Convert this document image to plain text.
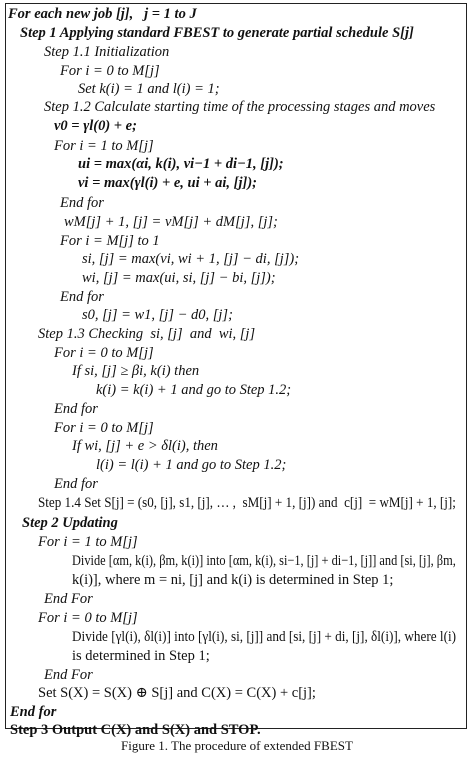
For each new job [j],   j = 1 to J
Step 1 Applying standard FBEST to generate partial schedule S[j]
Step 1.1 Initialization
For i = 0 to M[j]
Set k(i) = 1 and l(i) = 1;
Step 1.2 Calculate starting time of the processing stages and moves
v0 = γl(0) + e;
For i = 1 to M[j]
ui = max(αi, k(i), vi−1 + di−1, [j]);
vi = max(γl(i) + e, ui + ai, [j]);
End for
wM[j] + 1, [j] = vM[j] + dM[j], [j];
For i = M[j] to 1
si, [j] = max(vi, wi + 1, [j] − di, [j]);
wi, [j] = max(ui, si, [j] − bi, [j]);
End for
s0, [j] = w1, [j] − d0, [j];
Step 1.3 Checking  si, [j]  and  wi, [j]
For i = 0 to M[j]
If si, [j] ≥ βi, k(i) then
k(i) = k(i) + 1 and go to Step 1.2;
End for
For i = 0 to M[j]
If wi, [j] + e > δl(i), then
l(i) = l(i) + 1 and go to Step 1.2;
End for
Step 1.4 Set S[j] = (s0, [j], s1, [j], … ,  sM[j] + 1, [j]) and  c[j]  = wM[j] + 1, [j];
Step 2 Updating
For i = 1 to M[j]
Divide [αm, k(i), βm, k(i)] into [αm, k(i), si−1, [j] + di−1, [j]] and [si, [j], βm,
k(i)], where m = ni, [j] and k(i) is determined in Step 1;
End For
For i = 0 to M[j]
Divide [γl(i), δl(i)] into [γl(i), si, [j]] and [si, [j] + di, [j], δl(i)], where l(i)
is determined in Step 1;
End For
Set S(X) = S(X) ⊕ S[j] and C(X) = C(X) + c[j];
End for
Step 3 Output C(X) and S(X) and STOP.
Figure 1. The procedure of extended FBEST
